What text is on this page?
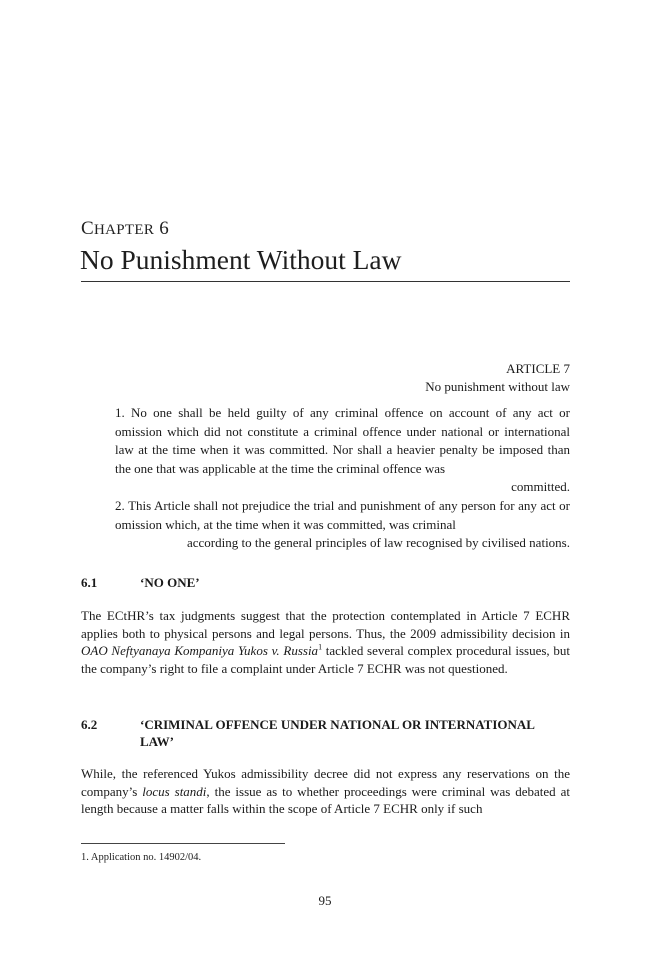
CHAPTER 6
No Punishment Without Law
ARTICLE 7
No punishment without law
1. No one shall be held guilty of any criminal offence on account of any act or omission which did not constitute a criminal offence under national or international law at the time when it was committed. Nor shall a heavier penalty be imposed than the one that was applicable at the time the criminal offence was
committed.
2. This Article shall not prejudice the trial and punishment of any person for any act or omission which, at the time when it was committed, was criminal
according to the general principles of law recognised by civilised nations.
6.1	‘NO ONE’
The ECtHR’s tax judgments suggest that the protection contemplated in Article 7 ECHR applies both to physical persons and legal persons. Thus, the 2009 admissibility decision in OAO Neftyanaya Kompaniya Yukos v. Russia$^1$ tackled several complex procedural issues, but the company’s right to file a complaint under Article 7 ECHR was not questioned.
6.2	‘CRIMINAL OFFENCE UNDER NATIONAL OR INTERNATIONAL LAW’
While, the referenced Yukos admissibility decree did not express any reservations on the company’s locus standi, the issue as to whether proceedings were criminal was debated at length because a matter falls within the scope of Article 7 ECHR only if such
1. Application no. 14902/04.
95
